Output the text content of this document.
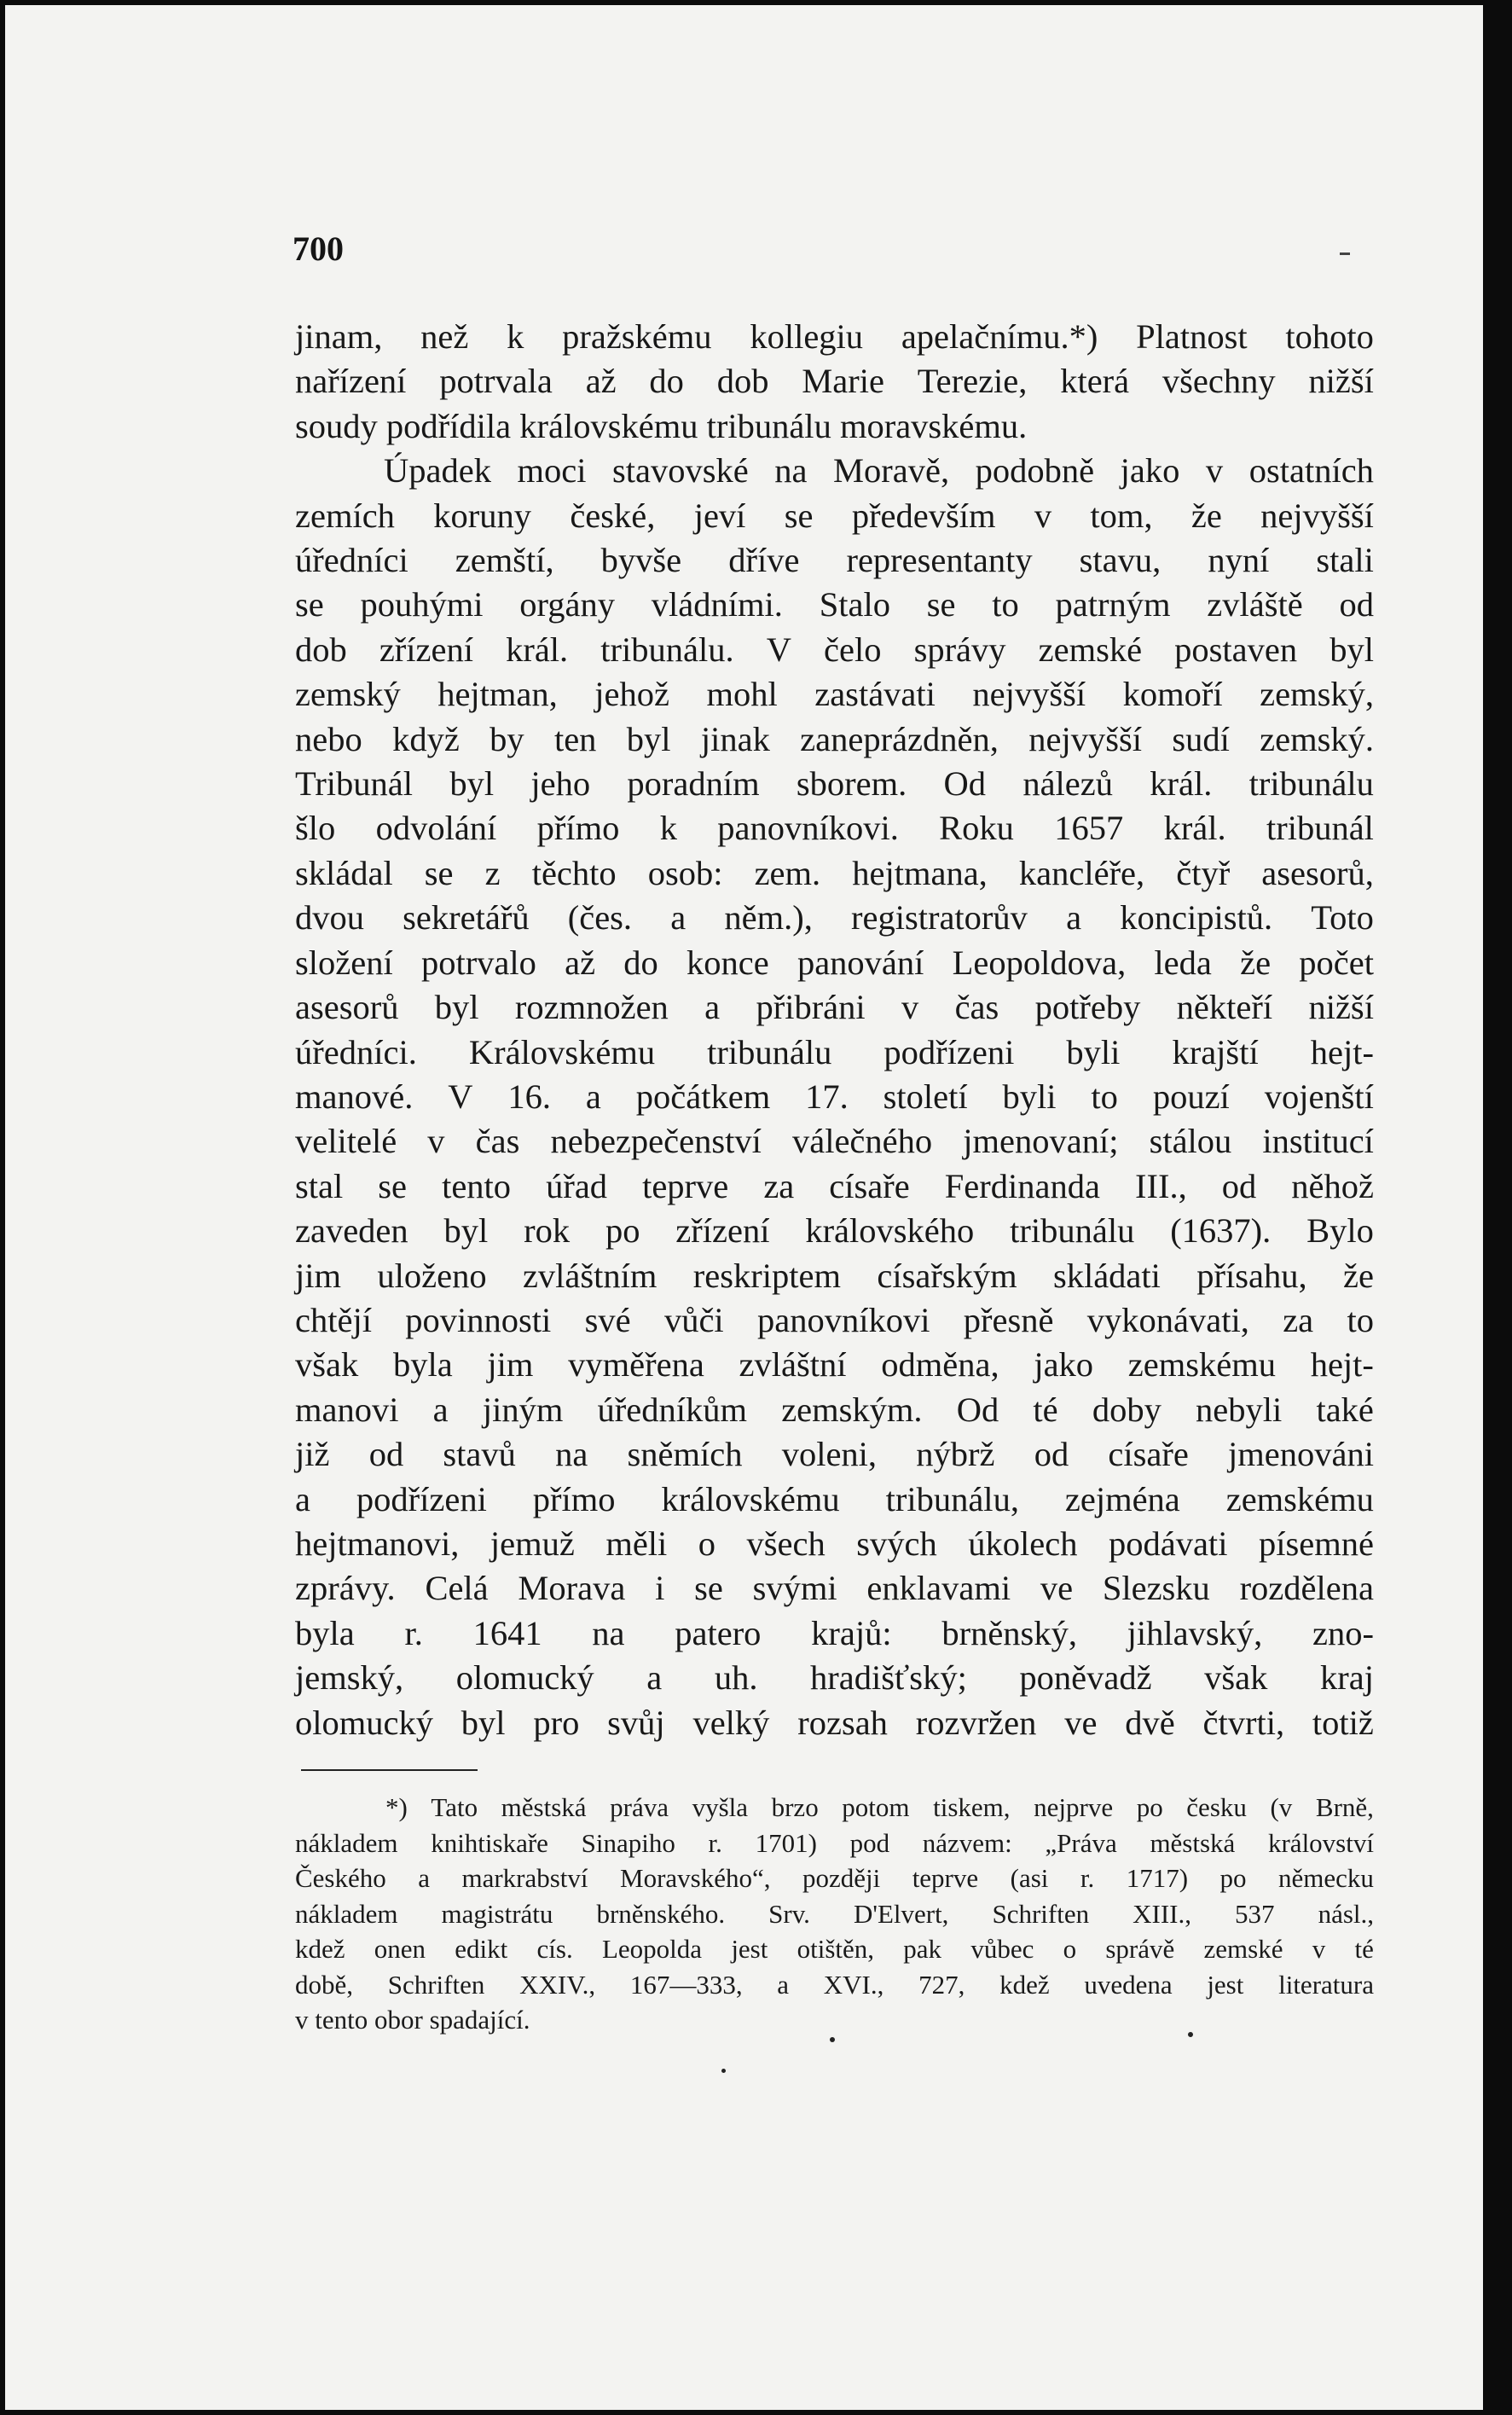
700
jinam, než k pražskému kollegiu apelačnímu.*) Platnost tohoto
nařízení potrvala až do dob Marie Terezie, která všechny nižší
soudy podřídila královskému tribunálu moravskému.
Úpadek moci stavovské na Moravě, podobně jako v ostatních
zemích koruny české, jeví se především v tom, že nejvyšší
úředníci zemští, byvše dříve representanty stavu, nyní stali
se pouhými orgány vládními. Stalo se to patrným zvláště od
dob zřízení král. tribunálu. V čelo správy zemské postaven byl
zemský hejtman, jehož mohl zastávati nejvyšší komoří zemský,
nebo když by ten byl jinak zaneprázdněn, nejvyšší sudí zemský.
Tribunál byl jeho poradním sborem. Od nálezů král. tribunálu
šlo odvolání přímo k panovníkovi. Roku 1657 král. tribunál
skládal se z těchto osob: zem. hejtmana, kancléře, čtyř asesorů,
dvou sekretářů (čes. a něm.), registratorův a koncipistů. Toto
složení potrvalo až do konce panování Leopoldova, leda že počet
asesorů byl rozmnožen a přibráni v čas potřeby někteří nižší
úředníci. Královskému tribunálu podřízeni byli krajští hejt-
manové. V 16. a počátkem 17. století byli to pouzí vojenští
velitelé v čas nebezpečenství válečného jmenovaní; stálou institucí
stal se tento úřad teprve za císaře Ferdinanda III., od něhož
zaveden byl rok po zřízení královského tribunálu (1637). Bylo
jim uloženo zvláštním reskriptem císařským skládati přísahu, že
chtějí povinnosti své vůči panovníkovi přesně vykonávati, za to
však byla jim vyměřena zvláštní odměna, jako zemskému hejt-
manovi a jiným úředníkům zemským. Od té doby nebyli také
již od stavů na sněmích voleni, nýbrž od císaře jmenováni
a podřízeni přímo královskému tribunálu, zejména zemskému
hejtmanovi, jemuž měli o všech svých úkolech podávati písemné
zprávy. Celá Morava i se svými enklavami ve Slezsku rozdělena
byla r. 1641 na patero krajů: brněnský, jihlavský, zno-
jemský, olomucký a uh. hradišťský; poněvadž však kraj
olomucký byl pro svůj velký rozsah rozvržen ve dvě čtvrti, totiž
*) Tato městská práva vyšla brzo potom tiskem, nejprve po česku (v Brně,
nákladem knihtiskaře Sinapiho r. 1701) pod názvem: „Práva městská království
Českého a markrabství Moravského“, později teprve (asi r. 1717) po německu
nákladem magistrátu brněnského. Srv. D'Elvert, Schriften XIII., 537 násl.,
kdež onen edikt cís. Leopolda jest otištěn, pak vůbec o správě zemské v té
době, Schriften XXIV., 167—333, a XVI., 727, kdež uvedena jest literatura
v tento obor spadající.
